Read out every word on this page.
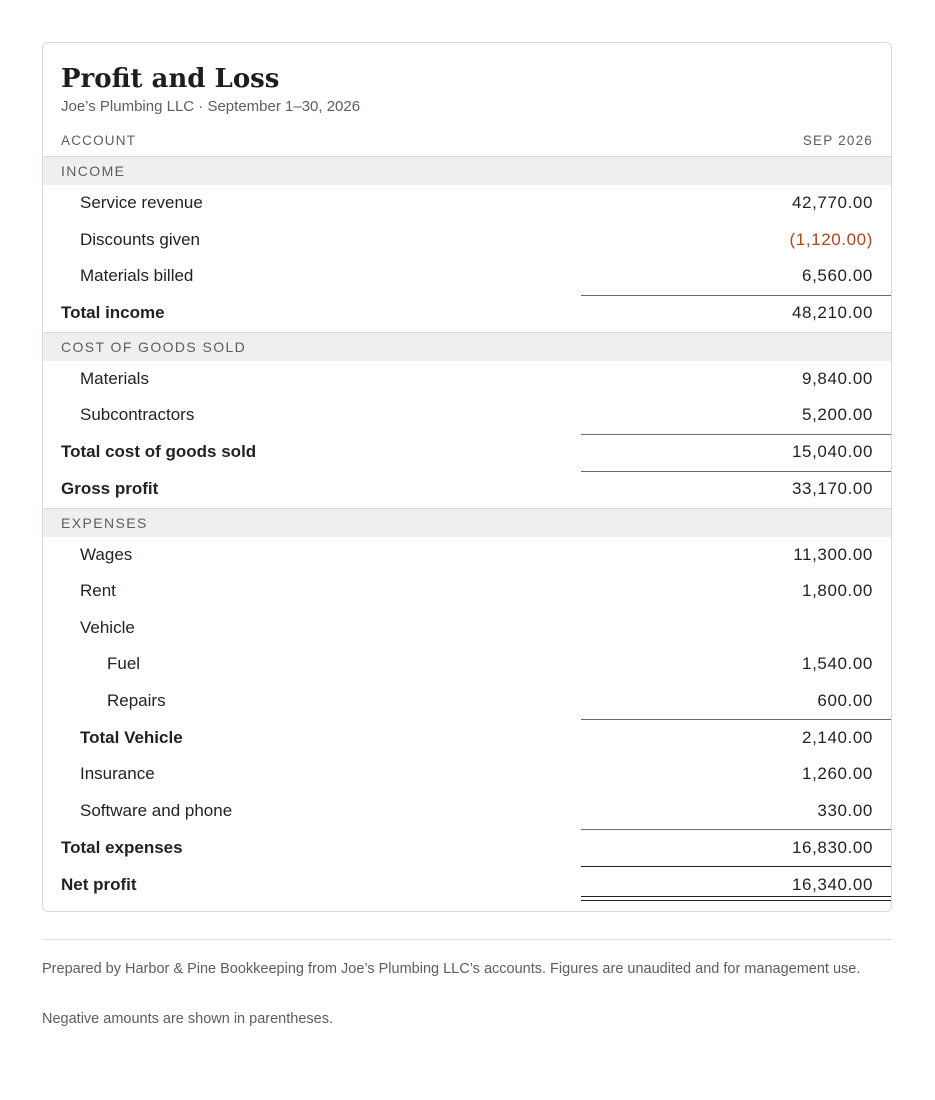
Profit and Loss
Joe’s Plumbing LLC · September 1–30, 2026
ACCOUNT	SEP 2026
INCOME
Service revenue	42,770.00
Discounts given	(1,120.00)
Materials billed	6,560.00
Total income	48,210.00
COST OF GOODS SOLD
Materials	9,840.00
Subcontractors	5,200.00
Total cost of goods sold	15,040.00
Gross profit	33,170.00
EXPENSES
Wages	11,300.00
Rent	1,800.00
Vehicle
Fuel	1,540.00
Repairs	600.00
Total Vehicle	2,140.00
Insurance	1,260.00
Software and phone	330.00
Total expenses	16,830.00
Net profit	16,340.00
Prepared by Harbor & Pine Bookkeeping from Joe’s Plumbing LLC’s accounts. Figures are unaudited and for management use.
Negative amounts are shown in parentheses.
